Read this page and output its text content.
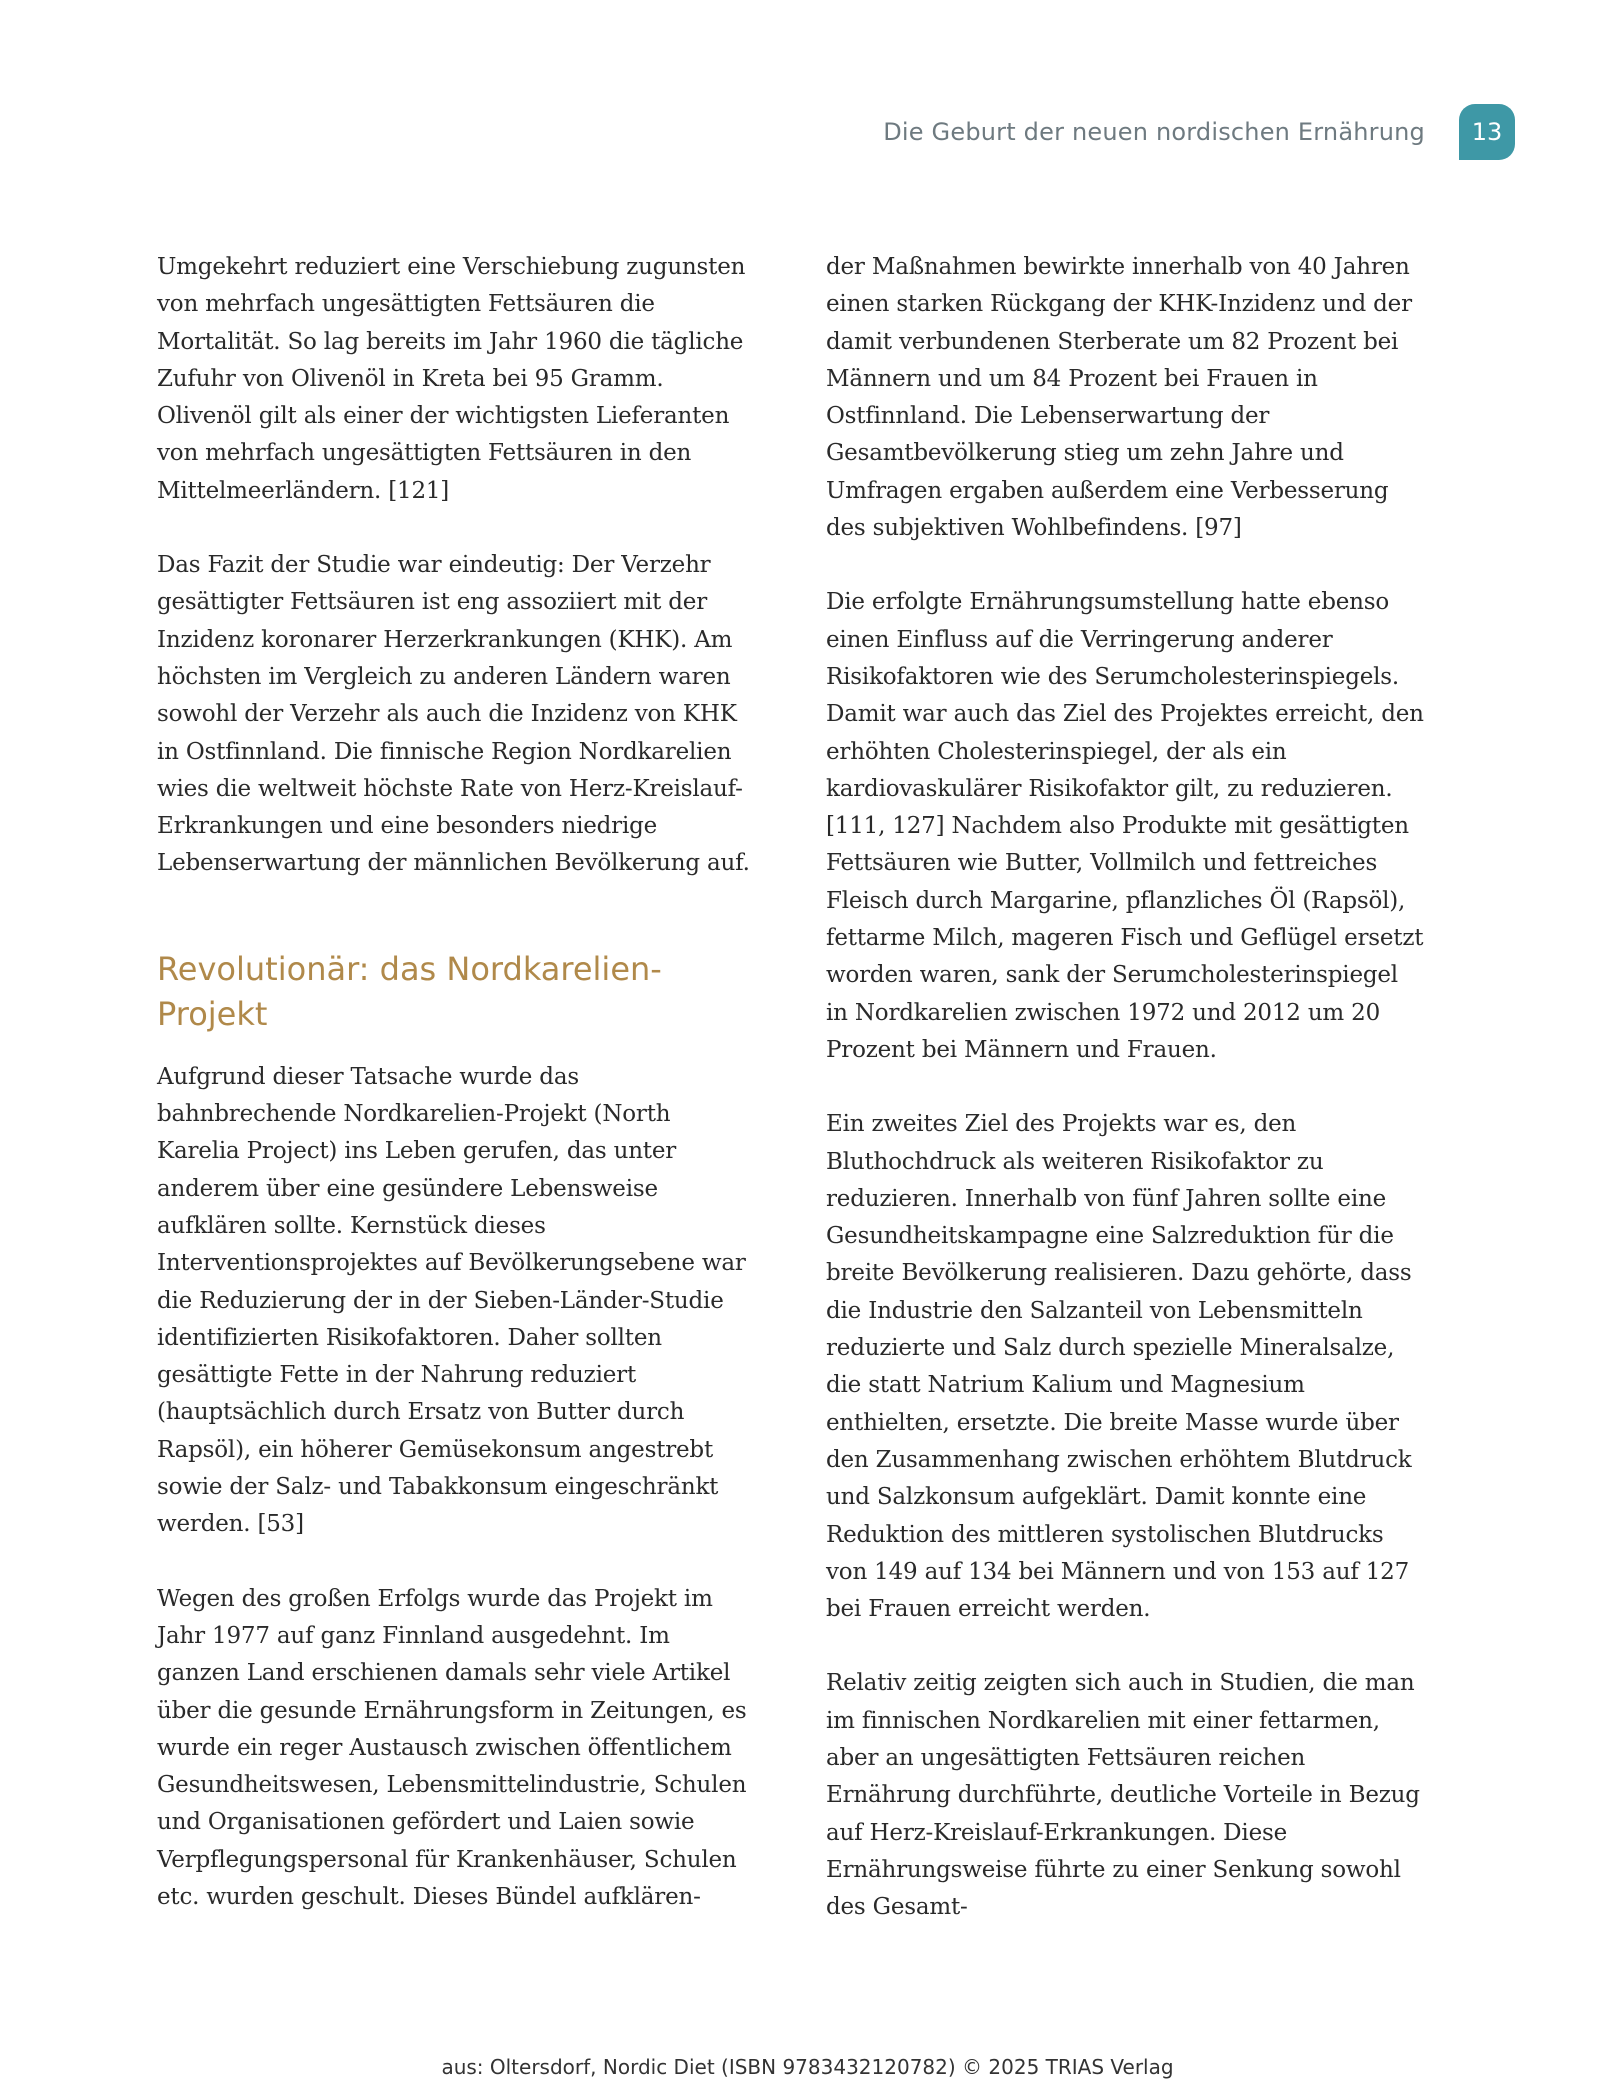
Die Geburt der neuen nordischen Ernährung	13

Umgekehrt reduziert eine Verschiebung zugunsten von mehrfach ungesättigten Fettsäuren die Mortalität. So lag bereits im Jahr 1960 die tägliche Zufuhr von Olivenöl in Kreta bei 95 Gramm. Olivenöl gilt als einer der wichtigsten Lieferanten von mehrfach ungesättigten Fettsäuren in den Mittelmeerländern. [121]

Das Fazit der Studie war eindeutig: Der Verzehr gesättigter Fettsäuren ist eng assoziiert mit der Inzidenz koronarer Herzerkrankungen (KHK). Am höchsten im Vergleich zu anderen Ländern waren sowohl der Verzehr als auch die Inzidenz von KHK in Ostfinnland. Die finnische Region Nordkarelien wies die weltweit höchste Rate von Herz-Kreislauf-Erkrankungen und eine besonders niedrige Lebenserwartung der männlichen Bevölkerung auf.

Revolutionär: das Nordkarelien-Projekt

Aufgrund dieser Tatsache wurde das bahnbrechende Nordkarelien-Projekt (North Karelia Project) ins Leben gerufen, das unter anderem über eine gesündere Lebensweise aufklären sollte. Kernstück dieses Interventionsprojektes auf Bevölkerungsebene war die Reduzierung der in der Sieben-Länder-Studie identifizierten Risikofaktoren. Daher sollten gesättigte Fette in der Nahrung reduziert (hauptsächlich durch Ersatz von Butter durch Rapsöl), ein höherer Gemüsekonsum angestrebt sowie der Salz- und Tabakkonsum eingeschränkt werden. [53]

Wegen des großen Erfolgs wurde das Projekt im Jahr 1977 auf ganz Finnland ausgedehnt. Im ganzen Land erschienen damals sehr viele Artikel über die gesunde Ernährungsform in Zeitungen, es wurde ein reger Austausch zwischen öffentlichem Gesundheitswesen, Lebensmittelindustrie, Schulen und Organisationen gefördert und Laien sowie Verpflegungspersonal für Krankenhäuser, Schulen etc. wurden geschult. Dieses Bündel aufklären-

der Maßnahmen bewirkte innerhalb von 40 Jahren einen starken Rückgang der KHK-Inzidenz und der damit verbundenen Sterberate um 82 Prozent bei Männern und um 84 Prozent bei Frauen in Ostfinnland. Die Lebenserwartung der Gesamtbevölkerung stieg um zehn Jahre und Umfragen ergaben außerdem eine Verbesserung des subjektiven Wohlbefindens. [97]

Die erfolgte Ernährungsumstellung hatte ebenso einen Einfluss auf die Verringerung anderer Risikofaktoren wie des Serumcholesterinspiegels. Damit war auch das Ziel des Projektes erreicht, den erhöhten Cholesterinspiegel, der als ein kardiovaskulärer Risikofaktor gilt, zu reduzieren. [111, 127] Nachdem also Produkte mit gesättigten Fettsäuren wie Butter, Vollmilch und fettreiches Fleisch durch Margarine, pflanzliches Öl (Rapsöl), fettarme Milch, mageren Fisch und Geflügel ersetzt worden waren, sank der Serumcholesterinspiegel in Nordkarelien zwischen 1972 und 2012 um 20 Prozent bei Männern und Frauen.

Ein zweites Ziel des Projekts war es, den Bluthochdruck als weiteren Risikofaktor zu reduzieren. Innerhalb von fünf Jahren sollte eine Gesundheitskampagne eine Salzreduktion für die breite Bevölkerung realisieren. Dazu gehörte, dass die Industrie den Salzanteil von Lebensmitteln reduzierte und Salz durch spezielle Mineralsalze, die statt Natrium Kalium und Magnesium enthielten, ersetzte. Die breite Masse wurde über den Zusammenhang zwischen erhöhtem Blutdruck und Salzkonsum aufgeklärt. Damit konnte eine Reduktion des mittleren systolischen Blutdrucks von 149 auf 134 bei Männern und von 153 auf 127 bei Frauen erreicht werden.

Relativ zeitig zeigten sich auch in Studien, die man im finnischen Nordkarelien mit einer fettarmen, aber an ungesättigten Fettsäuren reichen Ernährung durchführte, deutliche Vorteile in Bezug auf Herz-Kreislauf-Erkrankungen. Diese Ernährungsweise führte zu einer Senkung sowohl des Gesamt-

aus: Oltersdorf, Nordic Diet (ISBN 9783432120782) © 2025 TRIAS Verlag
